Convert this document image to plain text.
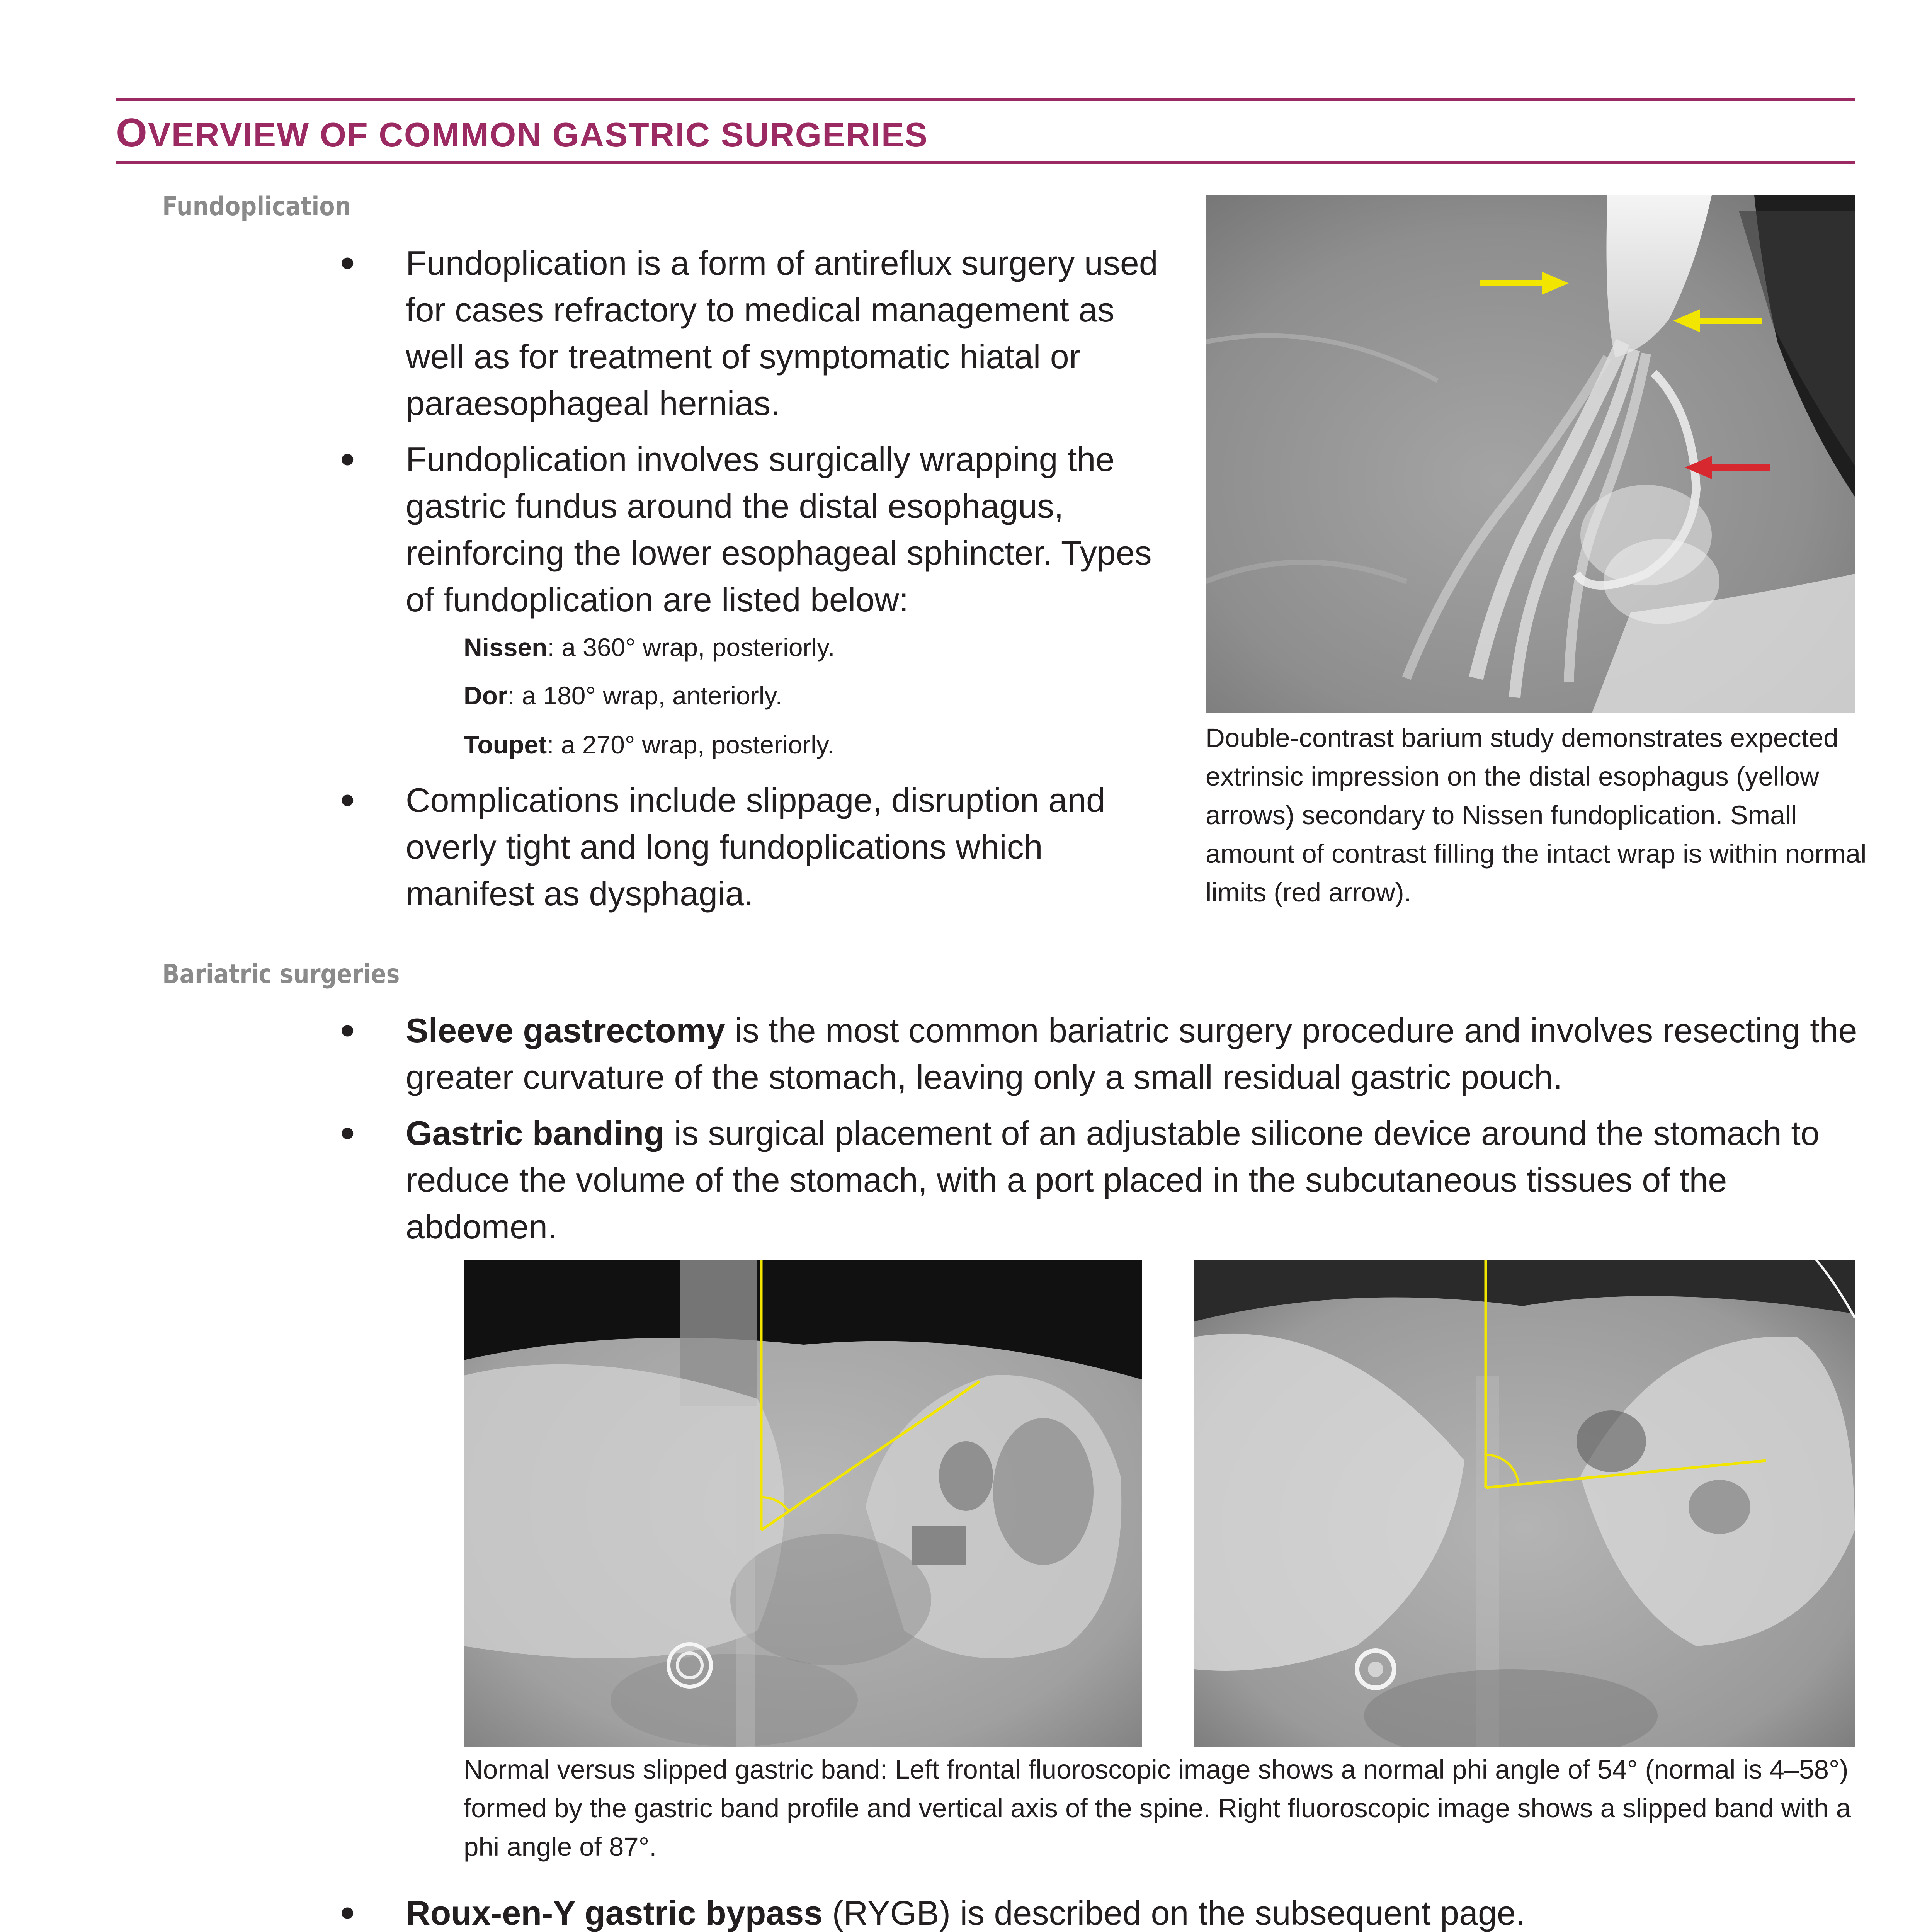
OVERVIEW OF COMMON GASTRIC SURGERIES
Fundoplication
• Fundoplication is a form of antireflux surgery used for cases refractory to medical management as well as for treatment of symptomatic hiatal or paraesophageal hernias.
• Fundoplication involves surgically wrapping the gastric fundus around the distal esophagus, reinforcing the lower esophageal sphincter. Types of fundoplication are listed below:
Nissen: a 360° wrap, posteriorly.
Dor: a 180° wrap, anteriorly.
Toupet: a 270° wrap, posteriorly.
• Complications include slippage, disruption and overly tight and long fundoplications which manifest as dysphagia.
Double-contrast barium study demonstrates expected extrinsic impression on the distal esophagus (yellow arrows) secondary to Nissen fundoplication. Small amount of contrast filling the intact wrap is within normal limits (red arrow).
Bariatric surgeries
• Sleeve gastrectomy is the most common bariatric surgery procedure and involves resecting the greater curvature of the stomach, leaving only a small residual gastric pouch.
• Gastric banding is surgical placement of an adjustable silicone device around the stomach to reduce the volume of the stomach, with a port placed in the subcutaneous tissues of the abdomen.
Normal versus slipped gastric band: Left frontal fluoroscopic image shows a normal phi angle of 54° (normal is 4–58°) formed by the gastric band profile and vertical axis of the spine. Right fluoroscopic image shows a slipped band with a phi angle of 87°.
• Roux-en-Y gastric bypass (RYGB) is described on the subsequent page.
